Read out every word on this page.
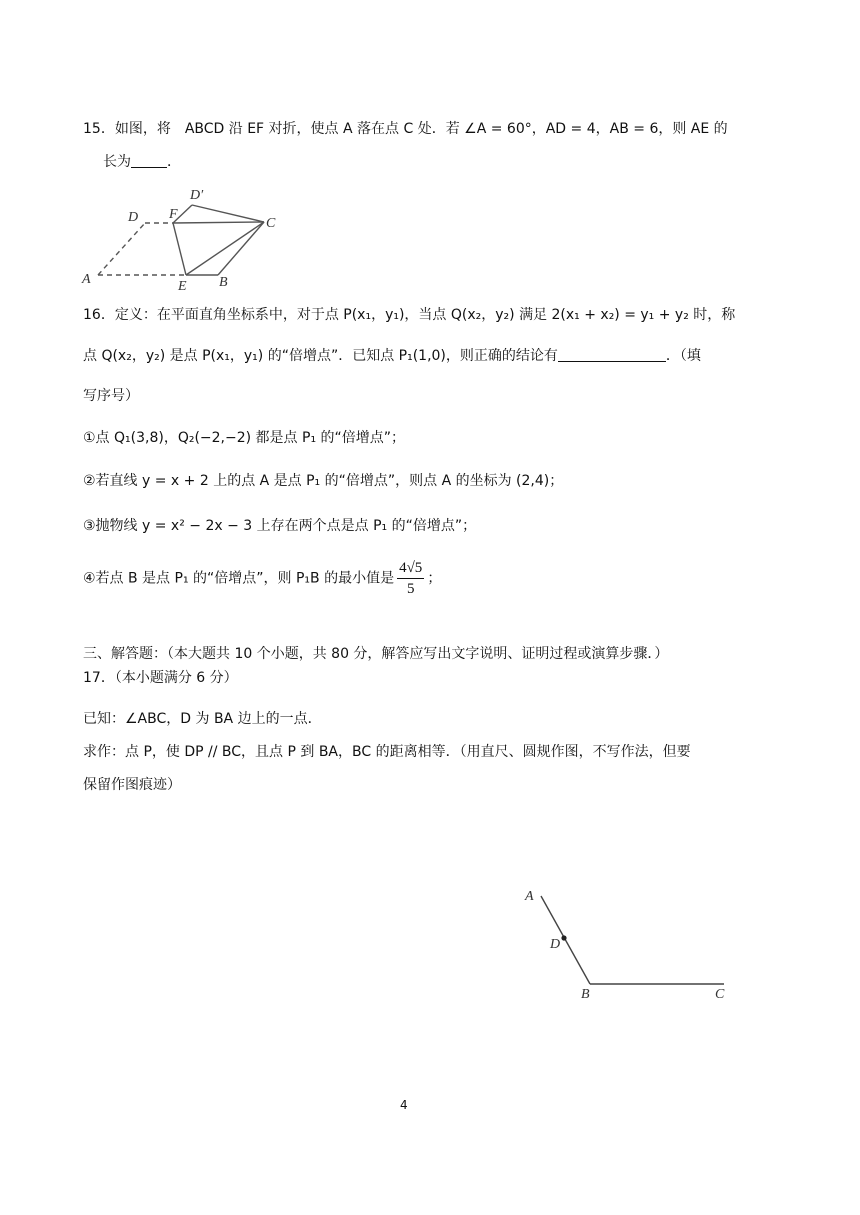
15．如图，将 ABCD 沿 EF 对折，使点 A 落在点 C 处．若 ∠A = 60°，AD = 4，AB = 6，则 AE 的
长为	．
D
D′
F
C
A	E B
16．定义：在平面直角坐标系中，对于点 P(x₁，y₁)，当点 Q(x₂，y₂) 满足 2(x₁ + x₂) = y₁ + y₂ 时，称
点 Q(x₂，y₂) 是点 P(x₁，y₁) 的“倍增点”．已知点 P₁(1,0)，则正确的结论有	．（填
写序号）
①点 Q₁(3,8)，Q₂(−2,−2) 都是点 P₁ 的“倍增点”；
②若直线 y = x + 2 上的点 A 是点 P₁ 的“倍增点”，则点 A 的坐标为 (2,4)；
③抛物线 y = x² − 2x − 3 上存在两个点是点 P₁ 的“倍增点”；
④若点 B 是点 P₁ 的“倍增点”，则 P₁B 的最小值是 $\frac{4√5}{5}$ ；
三、解答题：（本大题共 10 个小题，共 80 分，解答应写出文字说明、证明过程或演算步骤．）
17．（本小题满分 6 分）
已知：∠ABC，D 为 BA 边上的一点．
求作：点 P，使 DP // BC，且点 P 到 BA，BC 的距离相等．（用直尺、圆规作图，不写作法，但要
保留作图痕迹）
A
D
B	C
4
